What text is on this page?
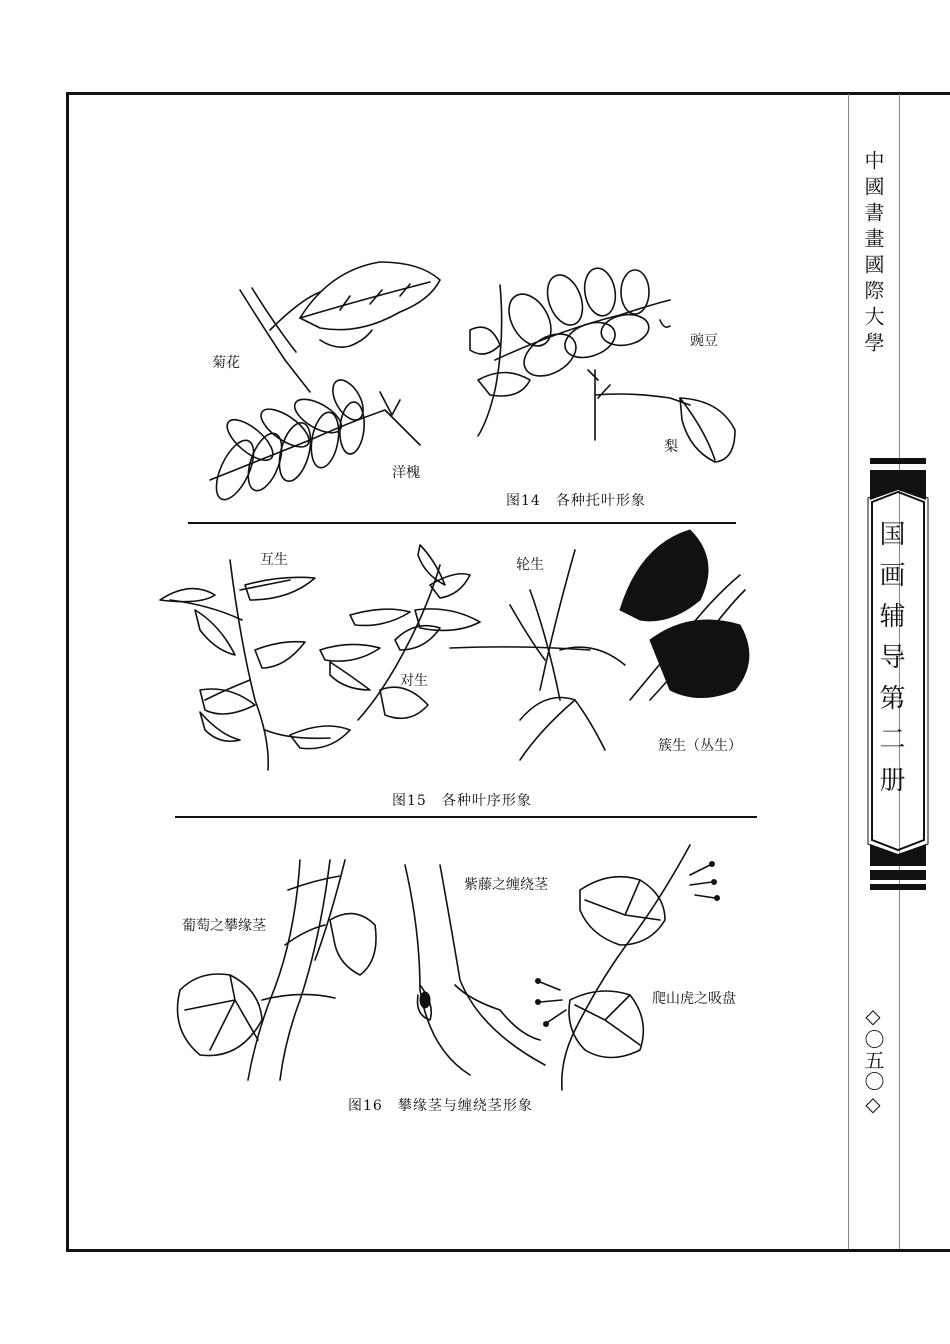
中國書畫國際大學
国画辅导第二册
◇〇五〇◇
菊花
豌豆
洋槐
梨
图14　各种托叶形象
互生	轮生
对生
簇生（丛生）
图15　各种叶序形象
葡萄之攀缘茎
紫藤之缠绕茎
爬山虎之吸盘
图16　攀缘茎与缠绕茎形象
